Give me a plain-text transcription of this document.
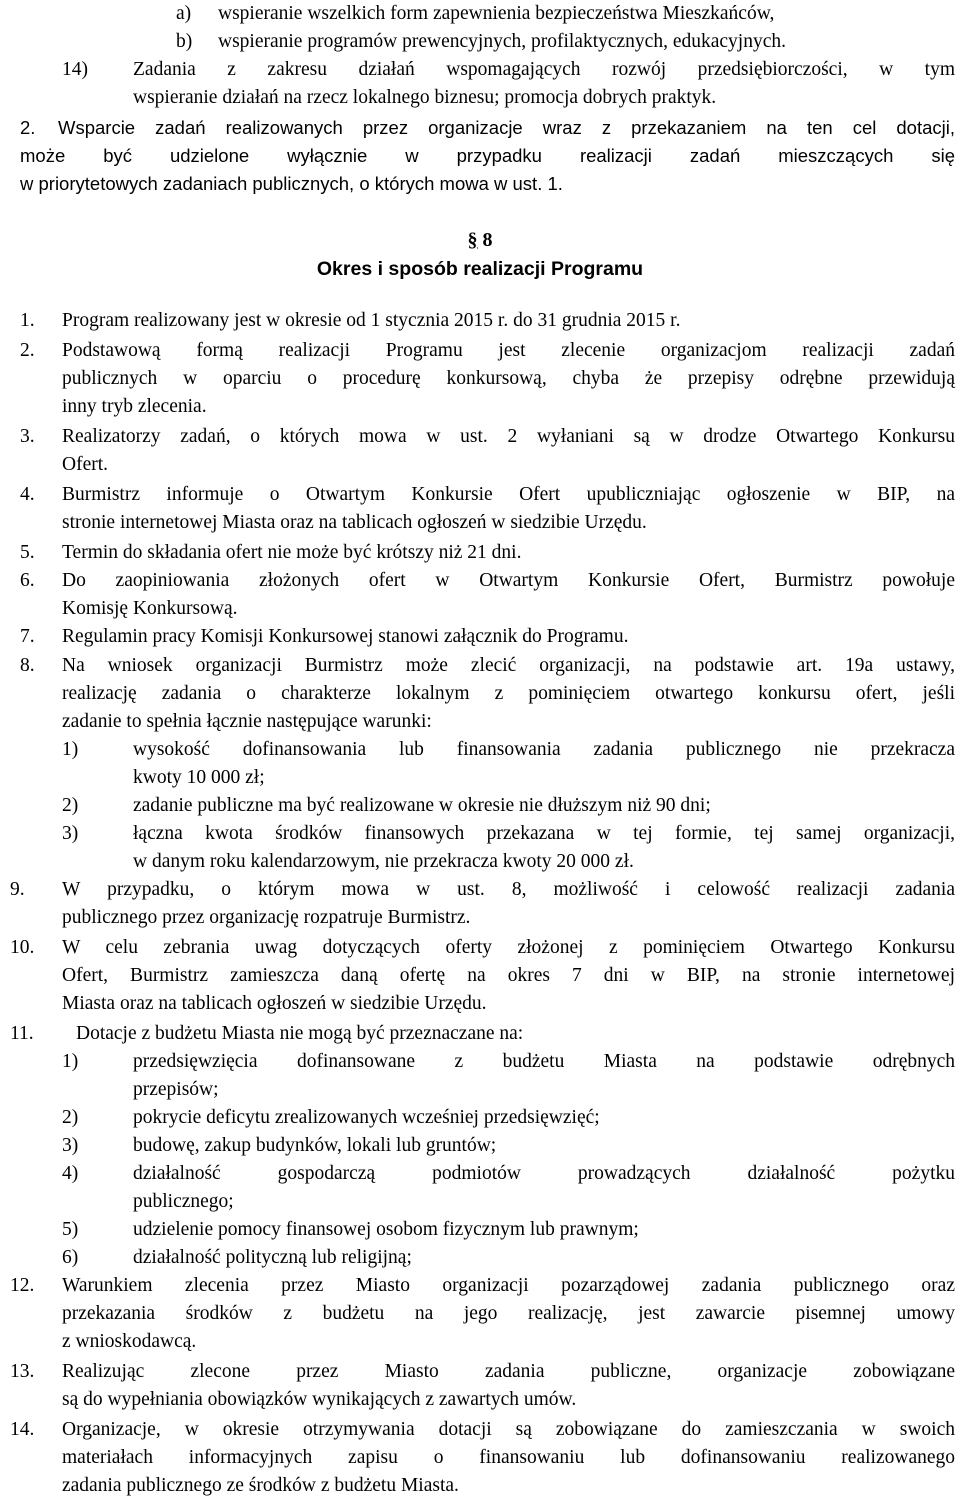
a) wspieranie wszelkich form zapewnienia bezpieczeństwa Mieszkańców,
b) wspieranie programów prewencyjnych, profilaktycznych, edukacyjnych.
14) Zadania z zakresu działań wspomagających rozwój przedsiębiorczości, w tym
wspieranie działań na rzecz lokalnego biznesu; promocja dobrych praktyk.
2. Wsparcie zadań realizowanych przez organizacje wraz z przekazaniem na ten cel dotacji,
może być udzielone wyłącznie w przypadku realizacji zadań mieszczących się
w priorytetowych zadaniach publicznych, o których mowa w ust. 1.
§ 8
Okres i sposób realizacji Programu
1. Program realizowany jest w okresie od 1 stycznia 2015 r. do 31 grudnia 2015 r.
2. Podstawową formą realizacji Programu jest zlecenie organizacjom realizacji zadań
publicznych w oparciu o procedurę konkursową, chyba że przepisy odrębne przewidują
inny tryb zlecenia.
3. Realizatorzy zadań, o których mowa w ust. 2 wyłaniani są w drodze Otwartego Konkursu
Ofert.
4. Burmistrz informuje o Otwartym Konkursie Ofert upubliczniając ogłoszenie w BIP, na
stronie internetowej Miasta oraz na tablicach ogłoszeń w siedzibie Urzędu.
5. Termin do składania ofert nie może być krótszy niż 21 dni.
6. Do zaopiniowania złożonych ofert w Otwartym Konkursie Ofert, Burmistrz powołuje
Komisję Konkursową.
7. Regulamin pracy Komisji Konkursowej stanowi załącznik do Programu.
8. Na wniosek organizacji Burmistrz może zlecić organizacji, na podstawie art. 19a ustawy,
realizację zadania o charakterze lokalnym z pominięciem otwartego konkursu ofert, jeśli
zadanie to spełnia łącznie następujące warunki:
1)	wysokość dofinansowania lub finansowania zadania publicznego nie przekracza
kwoty 10 000 zł;
2)	zadanie publiczne ma być realizowane w okresie nie dłuższym niż 90 dni;
3)	łączna kwota środków finansowych przekazana w tej formie, tej samej organizacji,
w danym roku kalendarzowym, nie przekracza kwoty 20 000 zł.
9. W przypadku, o którym mowa w ust. 8, możliwość i celowość realizacji zadania
publicznego przez organizację rozpatruje Burmistrz.
10. W celu zebrania uwag dotyczących oferty złożonej z pominięciem Otwartego Konkursu
Ofert, Burmistrz zamieszcza daną ofertę na okres 7 dni w BIP, na stronie internetowej
Miasta oraz na tablicach ogłoszeń w siedzibie Urzędu.
11. Dotacje z budżetu Miasta nie mogą być przeznaczane na:
1)	przedsięwzięcia dofinansowane z budżetu Miasta na podstawie odrębnych
przepisów;
2)	pokrycie deficytu zrealizowanych wcześniej przedsięwzięć;
3)	budowę, zakup budynków, lokali lub gruntów;
4)	działalność gospodarczą podmiotów prowadzących działalność pożytku
publicznego;
5)	udzielenie pomocy finansowej osobom fizycznym lub prawnym;
6)	działalność polityczną lub religijną;
12. Warunkiem zlecenia przez Miasto organizacji pozarządowej zadania publicznego oraz
przekazania środków z budżetu na jego realizację, jest zawarcie pisemnej umowy
z wnioskodawcą.
13. Realizując zlecone przez Miasto zadania publiczne, organizacje zobowiązane
są do wypełniania obowiązków wynikających z zawartych umów.
14. Organizacje, w okresie otrzymywania dotacji są zobowiązane do zamieszczania w swoich
materiałach informacyjnych zapisu o finansowaniu lub dofinansowaniu realizowanego
zadania publicznego ze środków z budżetu Miasta.
